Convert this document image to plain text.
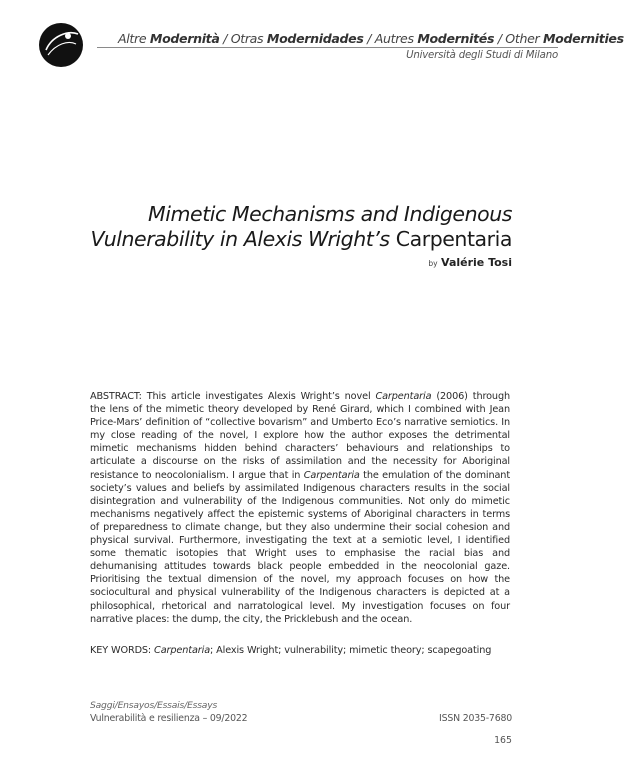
Altre Modernità / Otras Modernidades / Autres Modernités / Other Modernities
Università degli Studi di Milano
Mimetic Mechanisms and Indigenous
Vulnerability in Alexis Wright’s Carpentaria
by Valérie Tosi

ABSTRACT: This article investigates Alexis Wright’s novel Carpentaria (2006) through the lens of the mimetic theory developed by René Girard, which I combined with Jean Price-Mars’ definition of “collective bovarism” and Umberto Eco’s narrative semiotics. In my close reading of the novel, I explore how the author exposes the detrimental mimetic mechanisms hidden behind characters’ behaviours and relationships to articulate a discourse on the risks of assimilation and the necessity for Aboriginal resistance to neocolonialism. I argue that in Carpentaria the emulation of the dominant society’s values and beliefs by assimilated Indigenous characters results in the social disintegration and vulnerability of the Indigenous communities. Not only do mimetic mechanisms negatively affect the epistemic systems of Aboriginal characters in terms of preparedness to climate change, but they also undermine their social cohesion and physical survival. Furthermore, investigating the text at a semiotic level, I identified some thematic isotopies that Wright uses to emphasise the racial bias and dehumanising attitudes towards black people embedded in the neocolonial gaze. Prioritising the textual dimension of the novel, my approach focuses on how the sociocultural and physical vulnerability of the Indigenous characters is depicted at a philosophical, rhetorical and narratological level. My investigation focuses on four narrative places: the dump, the city, the Pricklebush and the ocean.

KEY WORDS: Carpentaria; Alexis Wright; vulnerability; mimetic theory; scapegoating

Saggi/Ensayos/Essais/Essays
Vulnerabilità e resilienza – 09/2022	ISSN 2035-7680
165
